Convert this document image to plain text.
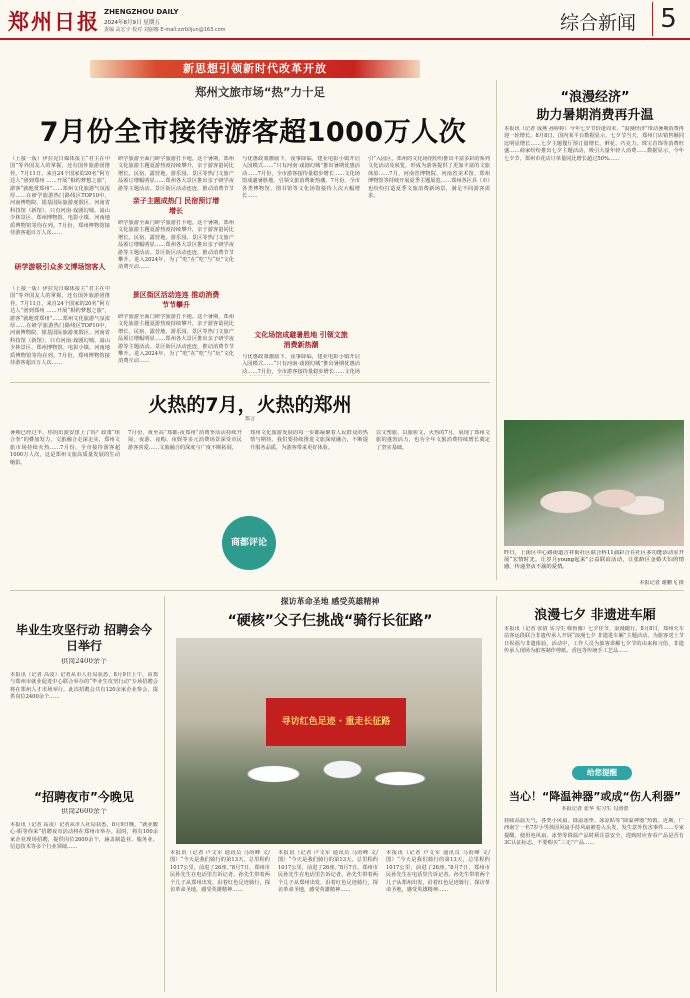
郑州日报 ZHENGZHOU DAILY
2024年8月9日 星期五
责编 高宏宇 校对 刘丽娜 E-mail:zzrblijun@163.com	综合新闻 5
新思想引领新时代改革开放
郑州文旅市场“热”力十足
7月份全市接待游客超1000万人次
（上接一版）伊拉克日媒体报主“君主在中国”等外国友人的掌握，还有国外旅游团推荐。7月11日，来自24个国家的20名“阿方达人”团到郑州 ……开展“相约梦想之旅”，游客“就地赏郑州”……郑州文化旅游气氛浓厚……在研学旅游热门路线区TOP10中，河南博物院、银基国际旅游度假区、河南省科技馆（新馆）、只有河南·戏剧幻城、嵩山少林景区、郑州博物馆、电影小镇、河南地质博物馆等均在列。7月份，郑州博物馆接待游客超百万人次……
研学游吸引众多文博场馆客人
（上接一版）伊拉克日媒体报主“君主在中国”等外国友人的掌握，还有国外旅游团推荐。7月11日，来自24个国家的20名“阿方达人”团到郑州 ……开展“相约梦想之旅”，游客“就地赏郑州”……郑州文化旅游气氛浓厚……在研学旅游热门路线区TOP10中，河南博物院、银基国际旅游度假区、河南省科技馆（新馆）、只有河南·戏剧幻城、嵩山少林景区、郑州博物馆、电影小镇、河南地质博物馆等均在列。7月份，郑州博物馆接待游客超百万人次……
研学旅游全面门研学旅游打卡地。这个暑期，郑州文化旅游主题夏游热度持续攀升，亲子游客量同比增长。民宿、露营地、游乐园、景区等热门文旅产品预订增幅明显……郑州各大景区推出亲子研学夜游等主题活动。景区街区活动连连，推动消费节节
亲子主题成热门 民宿预订增增长
研学旅游全面门研学旅游打卡地。这个暑期，郑州文化旅游主题夏游热度持续攀升，亲子游客量同比增长。民宿、露营地、游乐园、景区等热门文旅产品预订增幅明显……郑州各大景区推出亲子研学夜游等主题活动。景区街区活动连连，推动消费节节攀升。进入2024年，为了“吃”在“吃”与“玩”文化消费互动……
景区街区活动连连 推动消费节节攀升
研学旅游全面门研学旅游打卡地。这个暑期，郑州文化旅游主题夏游热度持续攀升，亲子游客量同比增长。民宿、露营地、游乐园、景区等热门文旅产品预订增幅明显……郑州各大景区推出亲子研学夜游等主题活动。景区街区活动连连，推动消费节节攀升。进入2024年，为了“吃”在“吃”与“玩”文化消费互动……
与优惠政策激励下，夜事降临，建业电影小镇开启入园模式……“只有河南·戏剧幻城”推出暑期优惠活动……7月份，全市游客接待量稳步增长……文化场馆成避暑胜地，引领文旅消费新热潮。7月份，全市各类博物馆、图书馆等文化场馆接待人次大幅增长……
文化场馆成避暑胜地 引领文旅消费新热潮
与优惠政策激励下，夜事降临，建业电影小镇开启入园模式……“只有河南·戏剧幻城”推出暑期优惠活动……7月份，全市游客接待量稳步增长……文化场
引”入园区，郑州的文化场馆纷纷推出丰富多彩的系列文化活动及展览，形成为游客提供了更加丰富的文旅体验……7月，河南省博物院、河南省美术馆、郑州博物馆等持续开展夏季主题展览……郑州各区县（市）也纷纷打造夏季文旅消费新场景，满足不同游客需求。
“浪漫经济”
助力暑期消费再升温
本报讯（记者 成燕 孙婷婷）今年七夕节恰逢周末，“浪漫经济”带动暑期消费再迎一轮增长。8月8日，国内某平台数据显示，七夕节当天，郑州门店销售额同比明显增长……七夕主题餐厅预订量增长，鲜花、巧克力、珠宝首饰等消费旺盛……商家纷纷推出七夕主题活动，吸引大量年轻人消费……数据显示，今年七夕节，郑州市花店订单量同比增长超过50%……
昨日，上街区中心路街道吉祥街社区联合科11浦彩合在社区多功能活动室开展“宏情时光，让岁月young起来”公益联谊活动，让张龄区金婚夫妇的情感，传递坚贞不渝的爱情。
本报记者 谢鹏飞 摄
浪漫七夕 非遗进车厢
本报讯（记者 张倩 实习生 韩鲁豫）七夕佳节，浪漫随行。8月8日，郑州火车站客运段联合非遗传承人开展“浪漫七夕 非遗进车厢”主题活动，为旅客送上节日祝福与非遗体验。活动中，工作人员为旅客讲解七夕节的由来和习俗，非遗传承人现场为旅客制作剪纸、香包等传统手工艺品……
火热的7月，火热的郑州
郑言
暑期已经过半，你的出游安排上了吗？政策“组合拳”的叠加发力，文旅融合走深走实，郑州文旅市场持续火热……7月份，全市接待游客超1000万人次，这是郑州文旅高质量发展的生动缩影。
7月份，黄至高“郑都·夜郑州”消费季活动持续开展，夜游、夜购、夜娱等多元消费场景深受市民游客喜爱……文旅融合的深度与广度不断拓展。
郑州文化旅游发展的每一步都凝聚着人民群众的热情与期待。我们要持续推进文旅深度融合，不断提升服务品质，为游客带来更好体验。
以文塑旅、以旅彰文，火热的7月，展现了郑州文旅的蓬勃活力，也为全年文旅消费持续增长奠定了坚实基础。
商都评论
毕业生攻坚行动 招聘会今日举行
供岗2400余个
本报讯（记者 高凌）记者从市人社局获悉，8月9日上午，由郑与郑州市就业促进中心联合举办的“毕业生攻坚行动”专场招聘会将在郑州人才市场举行。此次招聘会共有120余家企业参会，提供岗位2400余个……
“招聘夜市”今晚见
供岗2600余个
本报讯（记者 高凌）记者从市人社局获悉，8月9日晚，“就业暖心·职等你来”招聘夜市活动将在郑州市举办。届时，将有100余家企业现场招聘，提供岗位2600余个，涵盖制造业、服务业、信息技术等多个行业领域……
探访革命圣地 感受英雄精神
“硬核”父子仨挑战“骑行长征路”
寻访红色足迹 · 重走长征路
本报讯（记者 卢文军 通讯员 马莳峰 文/图）“今天是我们骑行的第13天，总里程约1017公里，前进了26座。”8月7日，郑州市民孙先生在电话里告诉记者。孙先生带着两个儿子从郑州出发，沿着红色足迹骑行，探访革命圣地，感受英雄精神……
本报讯（记者 卢文军 通讯员 马莳峰 文/图）“今天是我们骑行的第13天，总里程约1017公里，前进了26座。”8月7日，郑州市民孙先生在电话里告诉记者。孙先生带着两个儿子从郑州出发，沿着红色足迹骑行，探访革命圣地，感受英雄精神……
本报讯（记者 卢文军 通讯员 马莳峰 文/图）“今天是我们骑行的第13天，总里程约1017公里，前进了26座。”8月7日，郑州市民孙先生在电话里告诉记者。孙先生带着两个儿子从郑州出发，沿着红色足迹骑行，探访革命圣地，感受英雄精神……
给您提醒
当心！“降温神器”或成“伤人利器”
本报记者 张华 实习生 勾涛蕾
持续高温天气，各类小风扇、降温冰垫、冰凉贴等“降温神器”热销。近期，广西南宁一名7岁小男孩因风扇手持风扇被卷入头发，发生意外伤害事件……专家提醒，使用电风扇、冰垫等降温产品时须注意安全，选购时应查看产品是否有3C认证标志，不要购买“三无”产品……
